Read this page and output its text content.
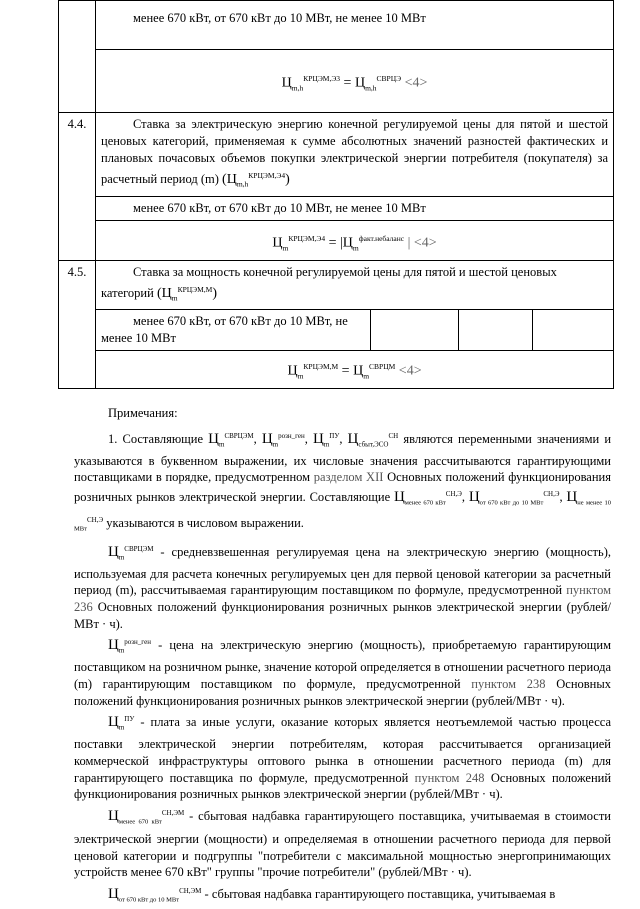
	менее 670 кВт, от 670 кВт до 10 МВт, не менее 10 МВт			
	$Ц_{m,h}^{КРЦЭМ,Э3} = Ц_{m,h}^{СВРЦЭ} <4>$			
4.4.	Ставка за электрическую энергию конечной регулируемой цены для пятой и шестой ценовых категорий, применяемая к сумме абсолютных значений разностей фактических и плановых почасовых объемов покупки электрической энергии потребителя (покупателя) за расчетный период (m) $(Ц_{m,h}^{КРЦЭМ,Э4})$			
	менее 670 кВт, от 670 кВт до 10 МВт, не менее 10 МВт			
	$Ц_m^{КРЦЭМ,Э4} = |Ц_m^{факт.небаланс}$ | <4>			
4.5.	Ставка за мощность конечной регулируемой цены для пятой и шестой ценовых категорий $(Ц_m^{КРЦЭМ,М})$			
	менее 670 кВт, от 670 кВт до 10 МВт, не менее 10 МВт			
	$Ц_m^{КРЦЭМ,М} = Ц_m^{СВРЦМ} <4>$			

Примечания:

1. Составляющие $Ц_m^{СВРЦЭМ}$, $Ц_m^{розн\_ген}$, $Ц_m^{ПУ}$, $Ц_{сбыт,ЭСО}^{СН}$ являются переменными значениями и указываются в буквенном выражении, их числовые значения рассчитываются гарантирующими поставщиками в порядке, предусмотренном разделом XII Основных положений функционирования розничных рынков электрической энергии. Составляющие $Ц_{менее 670 кВт}^{СН,Э}$, $Ц_{от 670 кВт до 10 МВт}^{СН,Э}$, $Ц_{не менее 10 МВт}^{СН,Э}$ указываются в числовом выражении.

$Ц_m^{СВРЦЭМ}$ - средневзвешенная регулируемая цена на электрическую энергию (мощность), используемая для расчета конечных регулируемых цен для первой ценовой категории за расчетный период (m), рассчитываемая гарантирующим поставщиком по формуле, предусмотренной пунктом 236 Основных положений функционирования розничных рынков электрической энергии (рублей/МВт · ч).

$Ц_m^{розн\_ген}$ - цена на электрическую энергию (мощность), приобретаемую гарантирующим поставщиком на розничном рынке, значение которой определяется в отношении расчетного периода (m) гарантирующим поставщиком по формуле, предусмотренной пунктом 238 Основных положений функционирования розничных рынков электрической энергии (рублей/МВт · ч).

$Ц_m^{ПУ}$ - плата за иные услуги, оказание которых является неотъемлемой частью процесса поставки электрической энергии потребителям, которая рассчитывается организацией коммерческой инфраструктуры оптового рынка в отношении расчетного периода (m) для гарантирующего поставщика по формуле, предусмотренной пунктом 248 Основных положений функционирования розничных рынков электрической энергии (рублей/МВт · ч).

$Ц_{менее 670 кВт}^{СН,ЭМ}$ - сбытовая надбавка гарантирующего поставщика, учитываемая в стоимости электрической энергии (мощности) и определяемая в отношении расчетного периода для первой ценовой категории и подгруппы "потребители с максимальной мощностью энергопринимающих устройств менее 670 кВт" группы "прочие потребители" (рублей/МВт · ч).

$Ц_{от 670 кВт до 10 МВт}^{СН,ЭМ}$ - сбытовая надбавка гарантирующего поставщика, учитываемая в
